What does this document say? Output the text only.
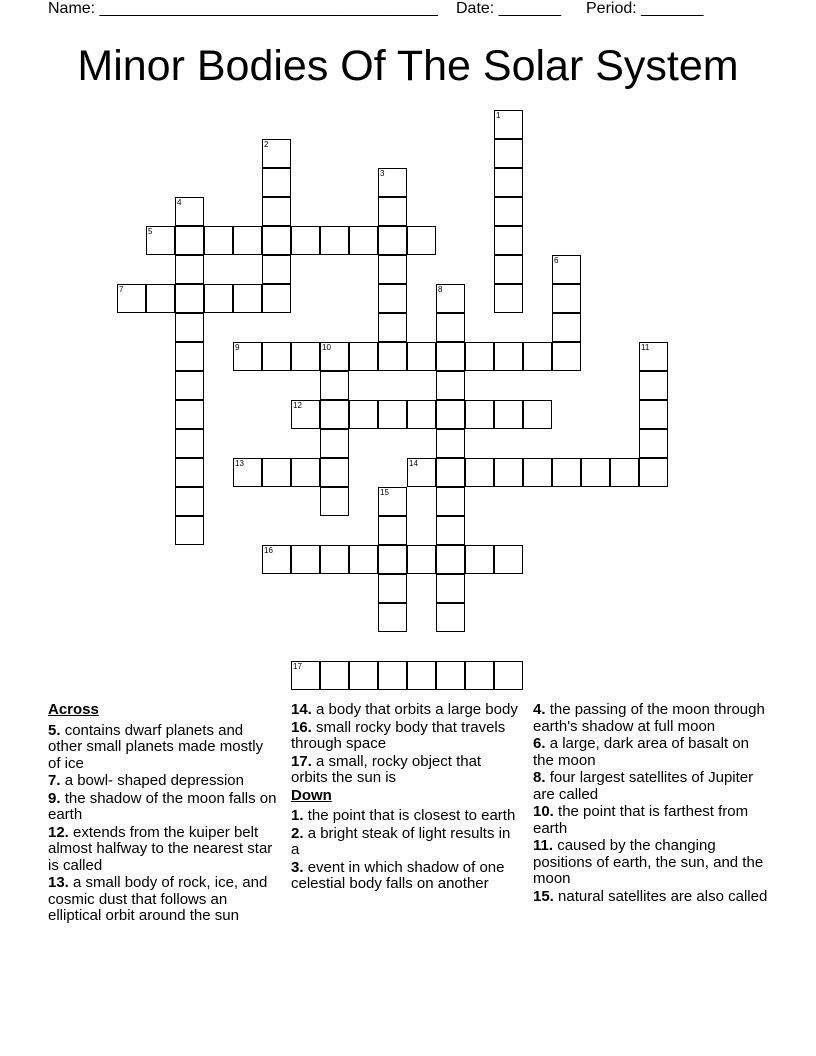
Name: ______________________________________ Date: _______ Period: _______
Minor Bodies Of The Solar System
1
2
3
4
5
6
7	8
9	10	11
12
13	14
15
16
17
Across
5. contains dwarf planets and other small planets made mostly of ice
7. a bowl- shaped depression
9. the shadow of the moon falls on earth
12. extends from the kuiper belt almost halfway to the nearest star is called
13. a small body of rock, ice, and cosmic dust that follows an elliptical orbit around the sun
14. a body that orbits a large body
16. small rocky body that travels through space
17. a small, rocky object that orbits the sun is
Down
1. the point that is closest to earth
2. a bright steak of light results in a
3. event in which shadow of one celestial body falls on another
4. the passing of the moon through earth's shadow at full moon
6. a large, dark area of basalt on the moon
8. four largest satellites of Jupiter are called
10. the point that is farthest from earth
11. caused by the changing positions of earth, the sun, and the moon
15. natural satellites are also called
